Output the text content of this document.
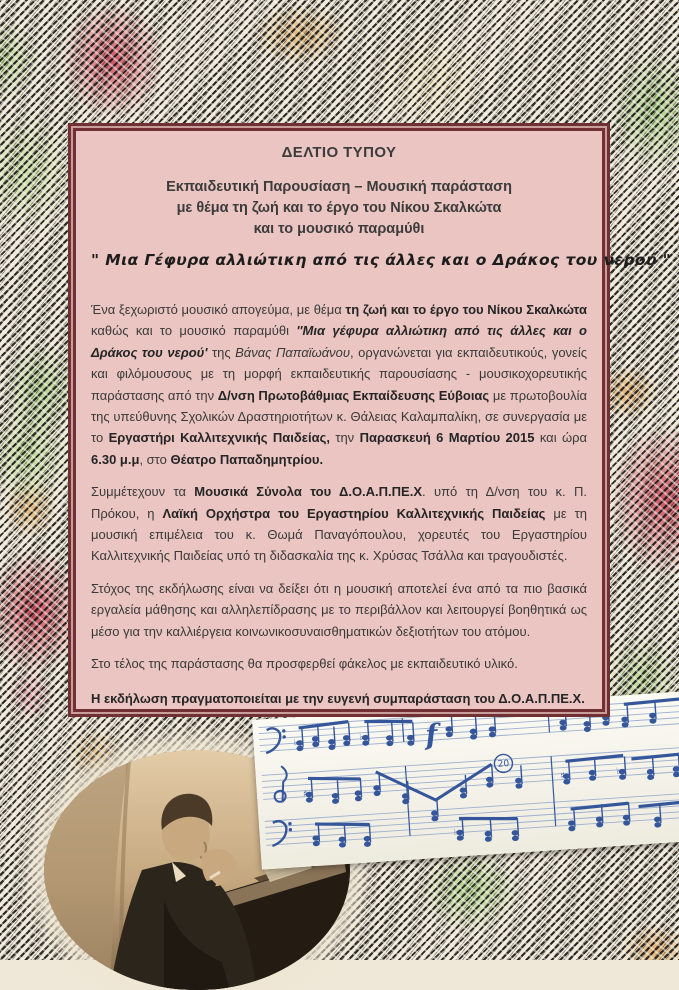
ΔΕΛΤΙΟ ΤΥΠΟΥ
Εκπαιδευτική Παρουσίαση – Μουσική παράσταση
με θέμα τη ζωή και το έργο του Νίκου Σκαλκώτα
και το μουσικό παραμύθι
" Μια Γέφυρα αλλιώτικη από τις άλλες και ο Δράκος του νερού "

Ένα ξεχωριστό μουσικό απογεύμα, με θέμα τη ζωή και το έργο του Νίκου Σκαλκώτα καθώς και το μουσικό παραμύθι ''Μια γέφυρα αλλιώτικη από τις άλλες και ο Δράκος του νερού' της Βάνας Παπαϊωάνου, οργανώνεται για εκπαιδευτικούς, γονείς και φιλόμουσους με τη μορφή εκπαιδευτικής παρουσίασης - μουσικοχορευτικής παράστασης από την Δ/νση Πρωτοβάθμιας Εκπαίδευσης Εύβοιας με πρωτοβουλία της υπεύθυνης Σχολικών Δραστηριοτήτων κ. Θάλειας Καλαμπαλίκη, σε συνεργασία με το Εργαστήρι Καλλιτεχνικής Παιδείας, την Παρασκευή 6 Μαρτίου 2015 και ώρα 6.30 μ.μ, στο Θέατρο Παπαδημητρίου.

Συμμέτεχουν τα Μουσικά Σύνολα του Δ.Ο.Α.Π.ΠΕ.Χ. υπό τη Δ/νση του κ. Π. Πρόκου, η Λαϊκή Ορχήστρα του Εργαστηρίου Καλλιτεχνικής Παιδείας με τη μουσική επιμέλεια του κ. Θωμά Παναγόπουλου, χορευτές του Εργαστηρίου Καλλιτεχνικής Παιδείας υπό τη διδασκαλία της κ. Χρύσας Τσάλλα και τραγουδιστές.

Στόχος της εκδήλωσης είναι να δείξει ότι η μουσική αποτελεί ένα από τα πιο βασικά εργαλεία μάθησης και αλληλεπίδρασης με το περιβάλλον και λειτουργεί βοηθητικά ως μέσο για την καλλιέργεια κοινωνικοσυναισθηματικών δεξιοτήτων του ατόμου.

Στο τέλος της παράστασης θα προσφερθεί φάκελος με εκπαιδευτικό υλικό.

Η εκδήλωση πραγματοποιείται με την ευγενή συμπαράσταση του Δ.Ο.Α.Π.ΠΕ.Χ.

♭
♭
♯
♯
♭
♭
f
20
